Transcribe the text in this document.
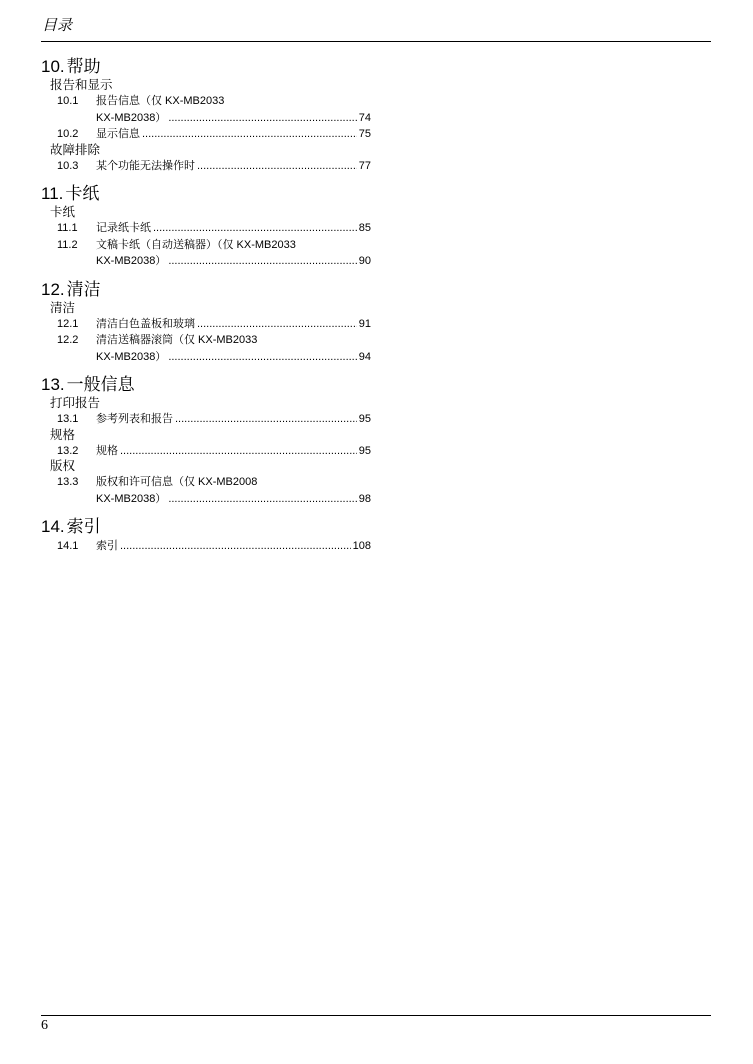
目录
10. 帮助
报告和显示
10.1	报告信息（仅 KX-MB2033
KX-MB2038） .....	74
10.2	显示信息 .....	75
故障排除
10.3	某个功能无法操作时 .....	77
11. 卡纸
卡纸
11.1	记录纸卡纸 .....	85
11.2	文稿卡纸（自动送稿器）（仅 KX-MB2033
KX-MB2038） .....	90
12. 清洁
清洁
12.1	清洁白色盖板和玻璃 .....	91
12.2	清洁送稿器滚筒（仅 KX-MB2033
KX-MB2038） .....	94
13. 一般信息
打印报告
13.1	参考列表和报告 .....	95
规格
13.2	规格 .....	95
版权
13.3	版权和许可信息（仅 KX-MB2008
KX-MB2038） .....	98
14. 索引
14.1	索引 .....	108
6
